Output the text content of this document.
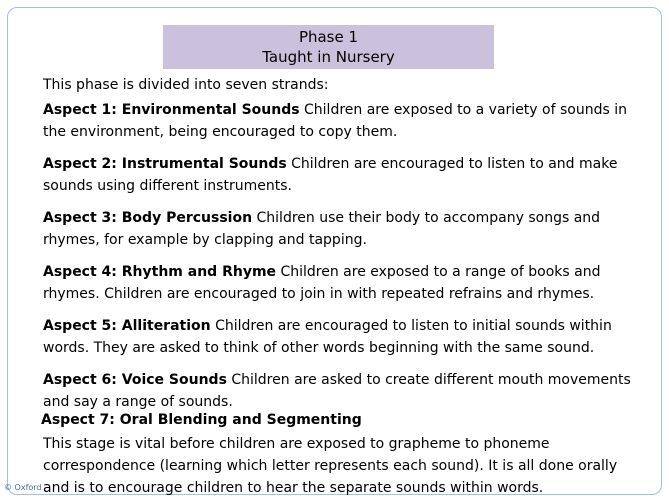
Phase 1
Taught in Nursery
This phase is divided into seven strands:
Aspect 1: Environmental Sounds Children are exposed to a variety of sounds in the environment, being encouraged to copy them.
Aspect 2: Instrumental Sounds Children are encouraged to listen to and make sounds using different instruments.
Aspect 3: Body Percussion Children use their body to accompany songs and rhymes, for example by clapping and tapping.
Aspect 4: Rhythm and Rhyme Children are exposed to a range of books and rhymes. Children are encouraged to join in with repeated refrains and rhymes.
Aspect 5: Alliteration Children are encouraged to listen to initial sounds within words. They are asked to think of other words beginning with the same sound.
Aspect 6: Voice Sounds Children are asked to create different mouth movements and say a range of sounds.
Aspect 7: Oral Blending and Segmenting
This stage is vital before children are exposed to grapheme to phoneme correspondence (learning which letter represents each sound). It is all done orally and is to encourage children to hear the separate sounds within words.
© Oxford
